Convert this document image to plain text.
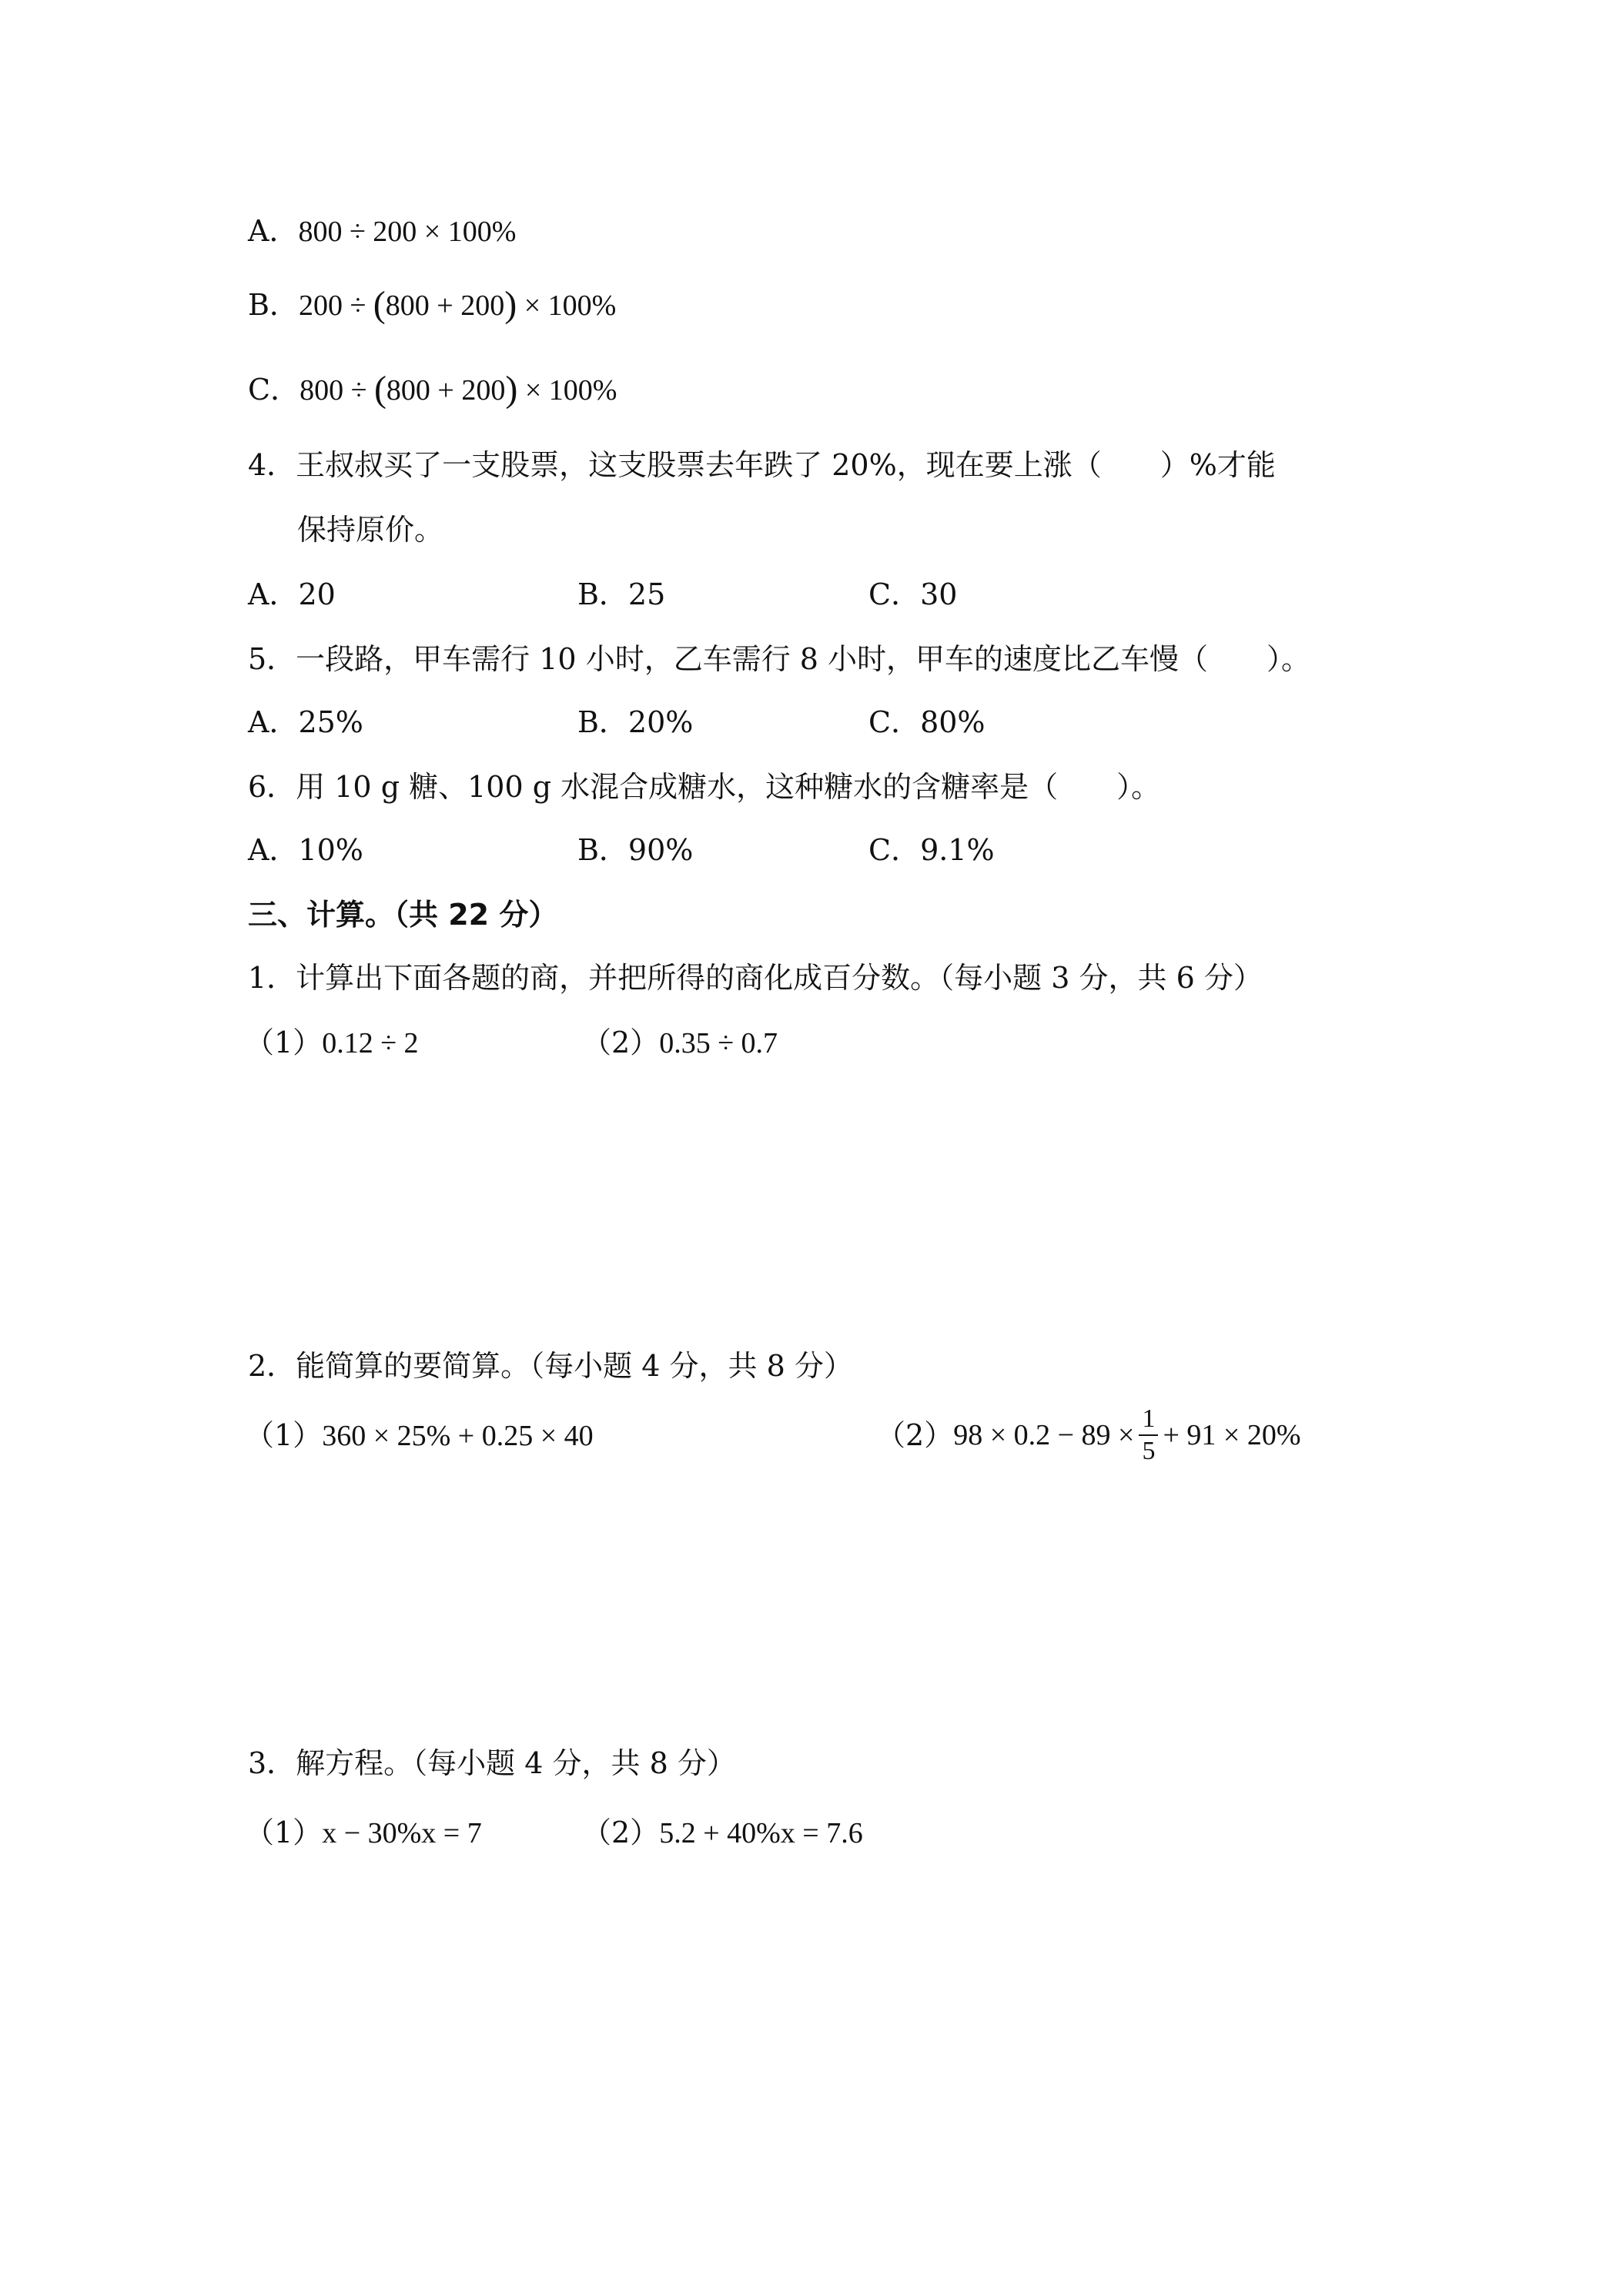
A．800 ÷ 200 × 100%
B．200 ÷ (800 + 200) × 100%
C．800 ÷ (800 + 200) × 100%
4．王叔叔买了一支股票，这支股票去年跌了 20%，现在要上涨（　　）%才能
保持原价。
A．20	B．25	C．30
5．一段路，甲车需行 10 小时，乙车需行 8 小时，甲车的速度比乙车慢（　　）。
A．25%	B．20%	C．80%
6．用 10 g 糖、100 g 水混合成糖水，这种糖水的含糖率是（　　）。
A．10%	B．90%	C．9.1%
三、计算。（共 22 分）
1．计算出下面各题的商，并把所得的商化成百分数。（每小题 3 分，共 6 分）
（1）0.12 ÷ 2	（2）0.35 ÷ 0.7
2．能简算的要简算。（每小题 4 分，共 8 分）
（1）360 × 25% + 0.25 × 40	（2） $98 \times 0.2 - 89 \times \frac{1}{5} + 91 \times 20\%$
3．解方程。（每小题 4 分，共 8 分）
（1）x − 30%x = 7	（2）5.2 + 40%x = 7.6
